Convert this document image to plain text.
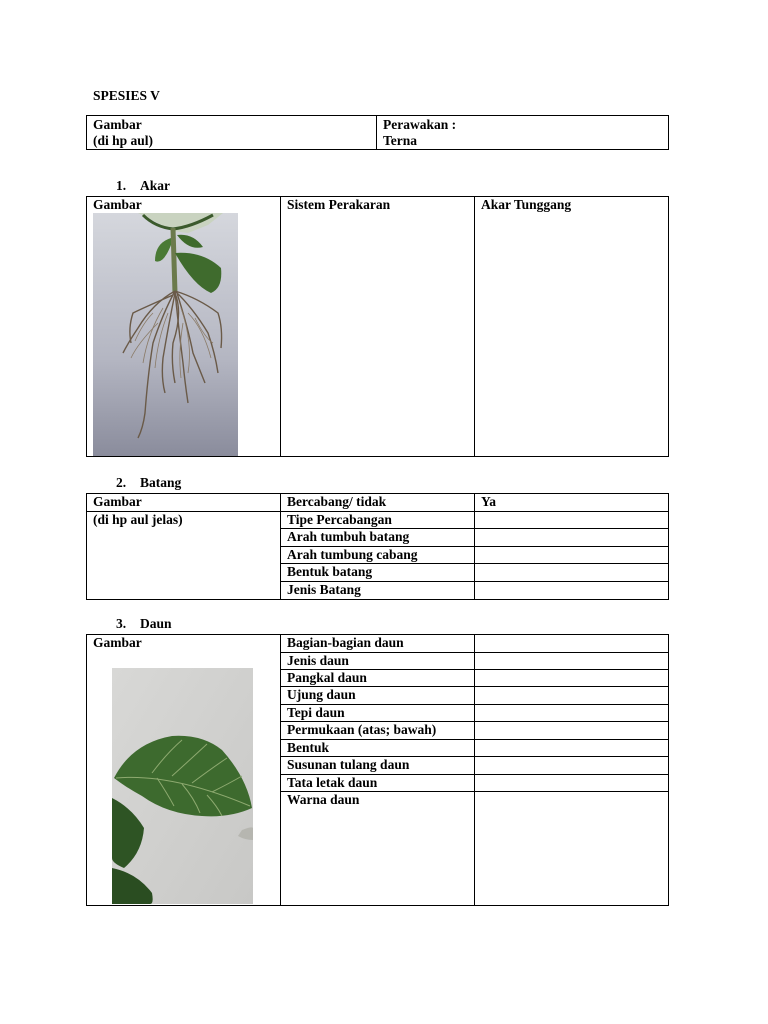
SPESIES V
Gambar
(di hp aul)

Perawakan :
Terna
1. Akar
Gambar	Sistem Perakaran	Akar Tunggang
2. Batang
Gambar	Bercabang/ tidak	Ya
(di hp aul jelas)	Tipe Percabangan	
	Arah tumbuh batang	
	Arah tumbung cabang	
	Bentuk batang	
	Jenis Batang	
3. Daun
Gambar	Bagian-bagian daun	
	Jenis daun	
	Pangkal daun	
	Ujung daun	
	Tepi daun	
	Permukaan (atas; bawah)	
	Bentuk	
	Susunan tulang daun	
	Tata letak daun	
	Warna daun	
